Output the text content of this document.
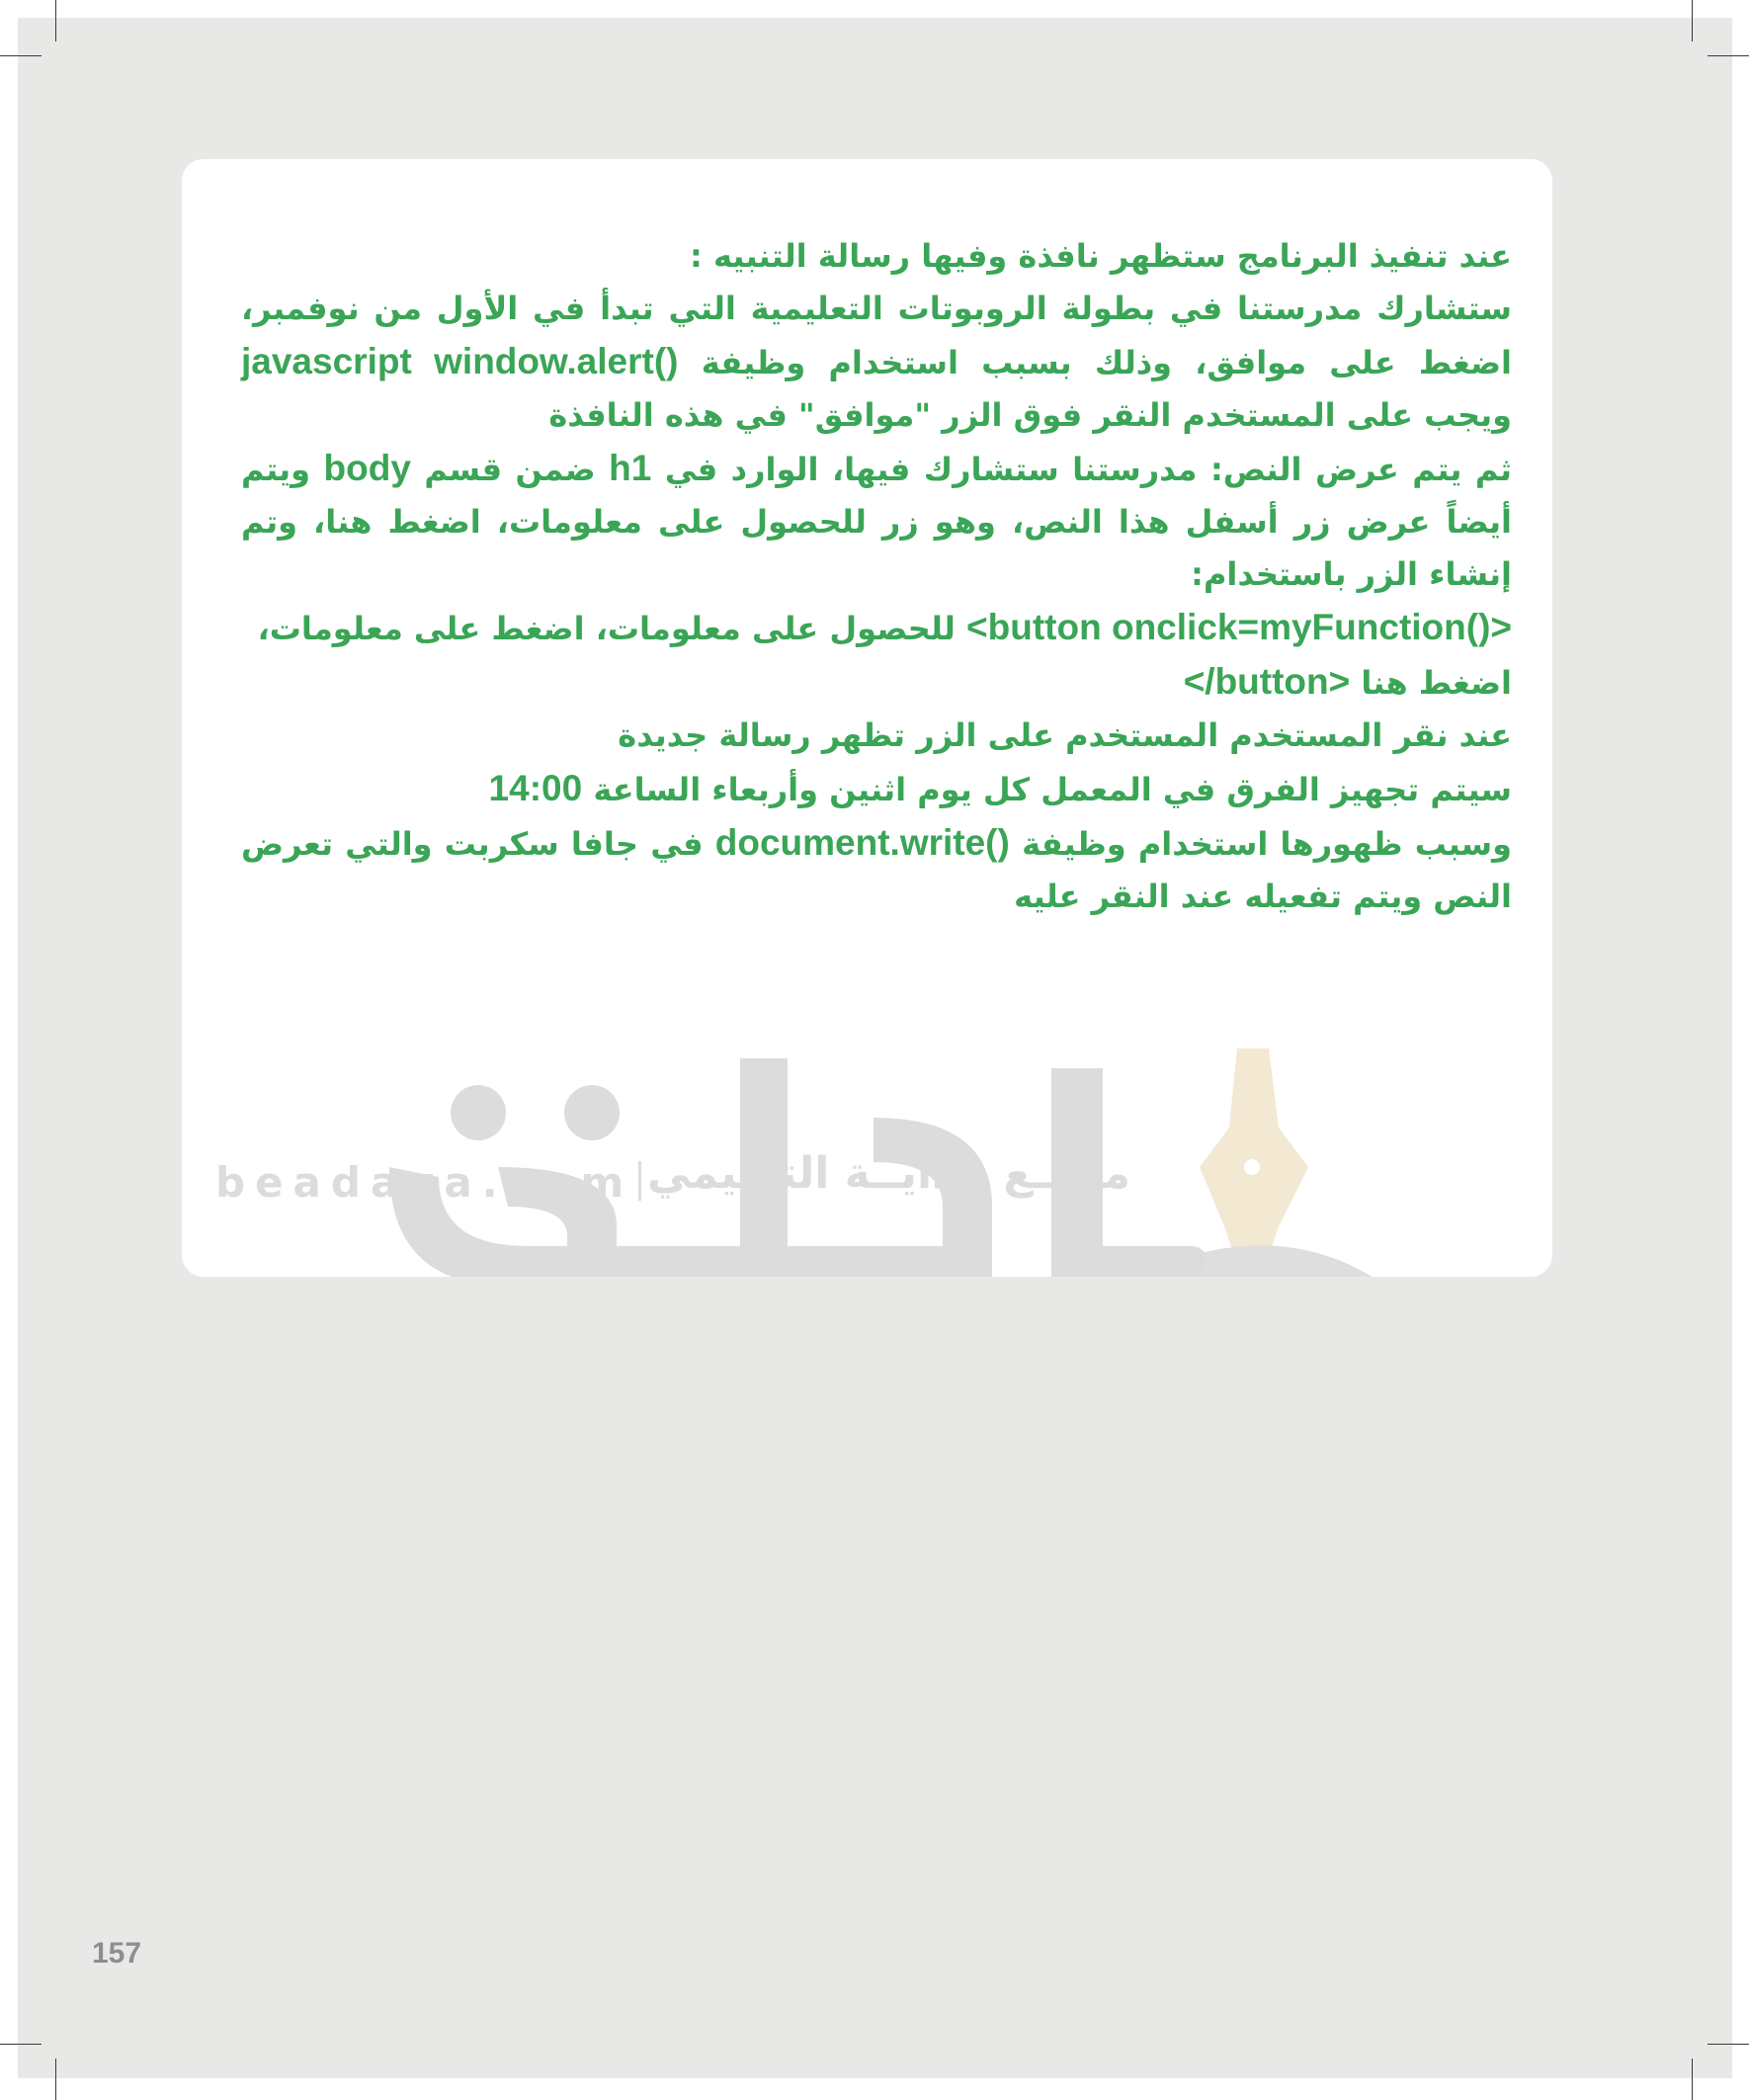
عند تنفيذ البرنامج ستظهر نافذة وفيها رسالة التنبيه :

ستشارك مدرستنا في بطولة الروبوتات التعليمية التي تبدأ في الأول من نوفمبر، اضغط على موافق، وذلك بسبب استخدام وظيفة javascript window.alert() ويجب على المستخدم النقر فوق الزر "موافق" في هذه النافذة

ثم يتم عرض النص: مدرستنا ستشارك فيها، الوارد في h1 ضمن قسم body ويتم أيضاً عرض زر أسفل هذا النص، وهو زر للحصول على معلومات، اضغط هنا، وتم إنشاء الزر باستخدام:

<button onclick=myFunction()> للحصول على معلومات، اضغط على معلومات، اضغط هنا </button>

عند نقر المستخدم المستخدم على الزر تظهر رسالة جديدة

سيتم تجهيز الفرق في المعمل كل يوم اثنين وأربعاء الساعة 14:00

وسبب ظهورها استخدام وظيفة document.write() في جافا سكربت والتي تعرض النص ويتم تفعيله عند النقر عليه

beadaya.com موقـع بـدايــة التعليمي
157
